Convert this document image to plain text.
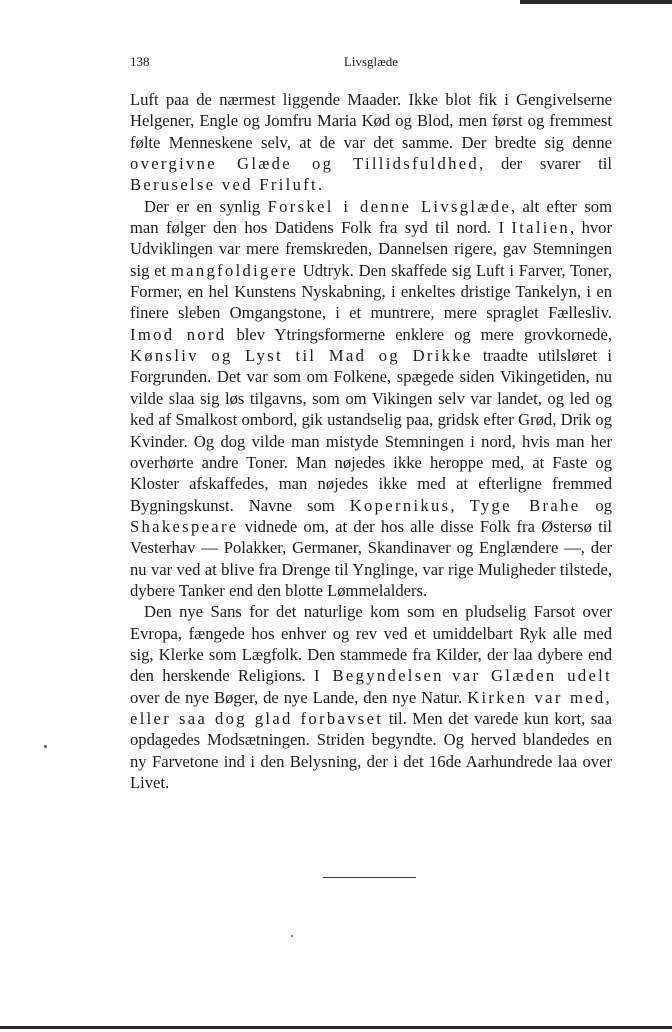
138	Livsglæde

Luft paa de nærmest liggende Maader. Ikke blot fik i Gengivelserne Helgener, Engle og Jomfru Maria Kød og Blod, men først og fremmest følte Menneskene selv, at de var det samme. Der bredte sig denne overgivne Glæde og Tillidsfuldhed, der svarer til Beruselse ved Friluft.

Der er en synlig Forskel i denne Livsglæde, alt efter som man følger den hos Datidens Folk fra syd til nord. I Italien, hvor Udviklingen var mere fremskreden, Dannelsen rigere, gav Stemningen sig et mangfoldigere Udtryk. Den skaffede sig Luft i Farver, Toner, Former, en hel Kunstens Nyskabning, i enkeltes dristige Tankelyn, i en finere sleben Omgangstone, i et muntrere, mere spraglet Fællesliv. Imod nord blev Ytringsformerne enklere og mere grovkornede, Kønsliv og Lyst til Mad og Drikke traadte utilsløret i Forgrunden. Det var som om Folkene, spægede siden Vikingetiden, nu vilde slaa sig løs tilgavns, som om Vikingen selv var landet, og led og ked af Smalkost ombord, gik ustandselig paa, gridsk efter Grød, Drik og Kvinder. Og dog vilde man mistyde Stemningen i nord, hvis man her overhørte andre Toner. Man nøjedes ikke heroppe med, at Faste og Kloster afskaffedes, man nøjedes ikke med at efterligne fremmed Bygningskunst. Navne som Kopernikus, Tyge Brahe og Shakespeare vidnede om, at der hos alle disse Folk fra Østersø til Vesterhav — Polakker, Germaner, Skandinaver og Englændere —, der nu var ved at blive fra Drenge til Ynglinge, var rige Muligheder tilstede, dybere Tanker end den blotte Lømmelalders.

Den nye Sans for det naturlige kom som en pludselig Farsot over Evropa, fængede hos enhver og rev ved et umiddelbart Ryk alle med sig, Klerke som Lægfolk. Den stammede fra Kilder, der laa dybere end den herskende Religions. I Begyndelsen var Glæden udelt over de nye Bøger, de nye Lande, den nye Natur. Kirken var med, eller saa dog glad forbavset til. Men det varede kun kort, saa opdagedes Modsætningen. Striden begyndte. Og herved blandedes en ny Farvetone ind i den Belysning, der i det 16de Aarhundrede laa over Livet.
